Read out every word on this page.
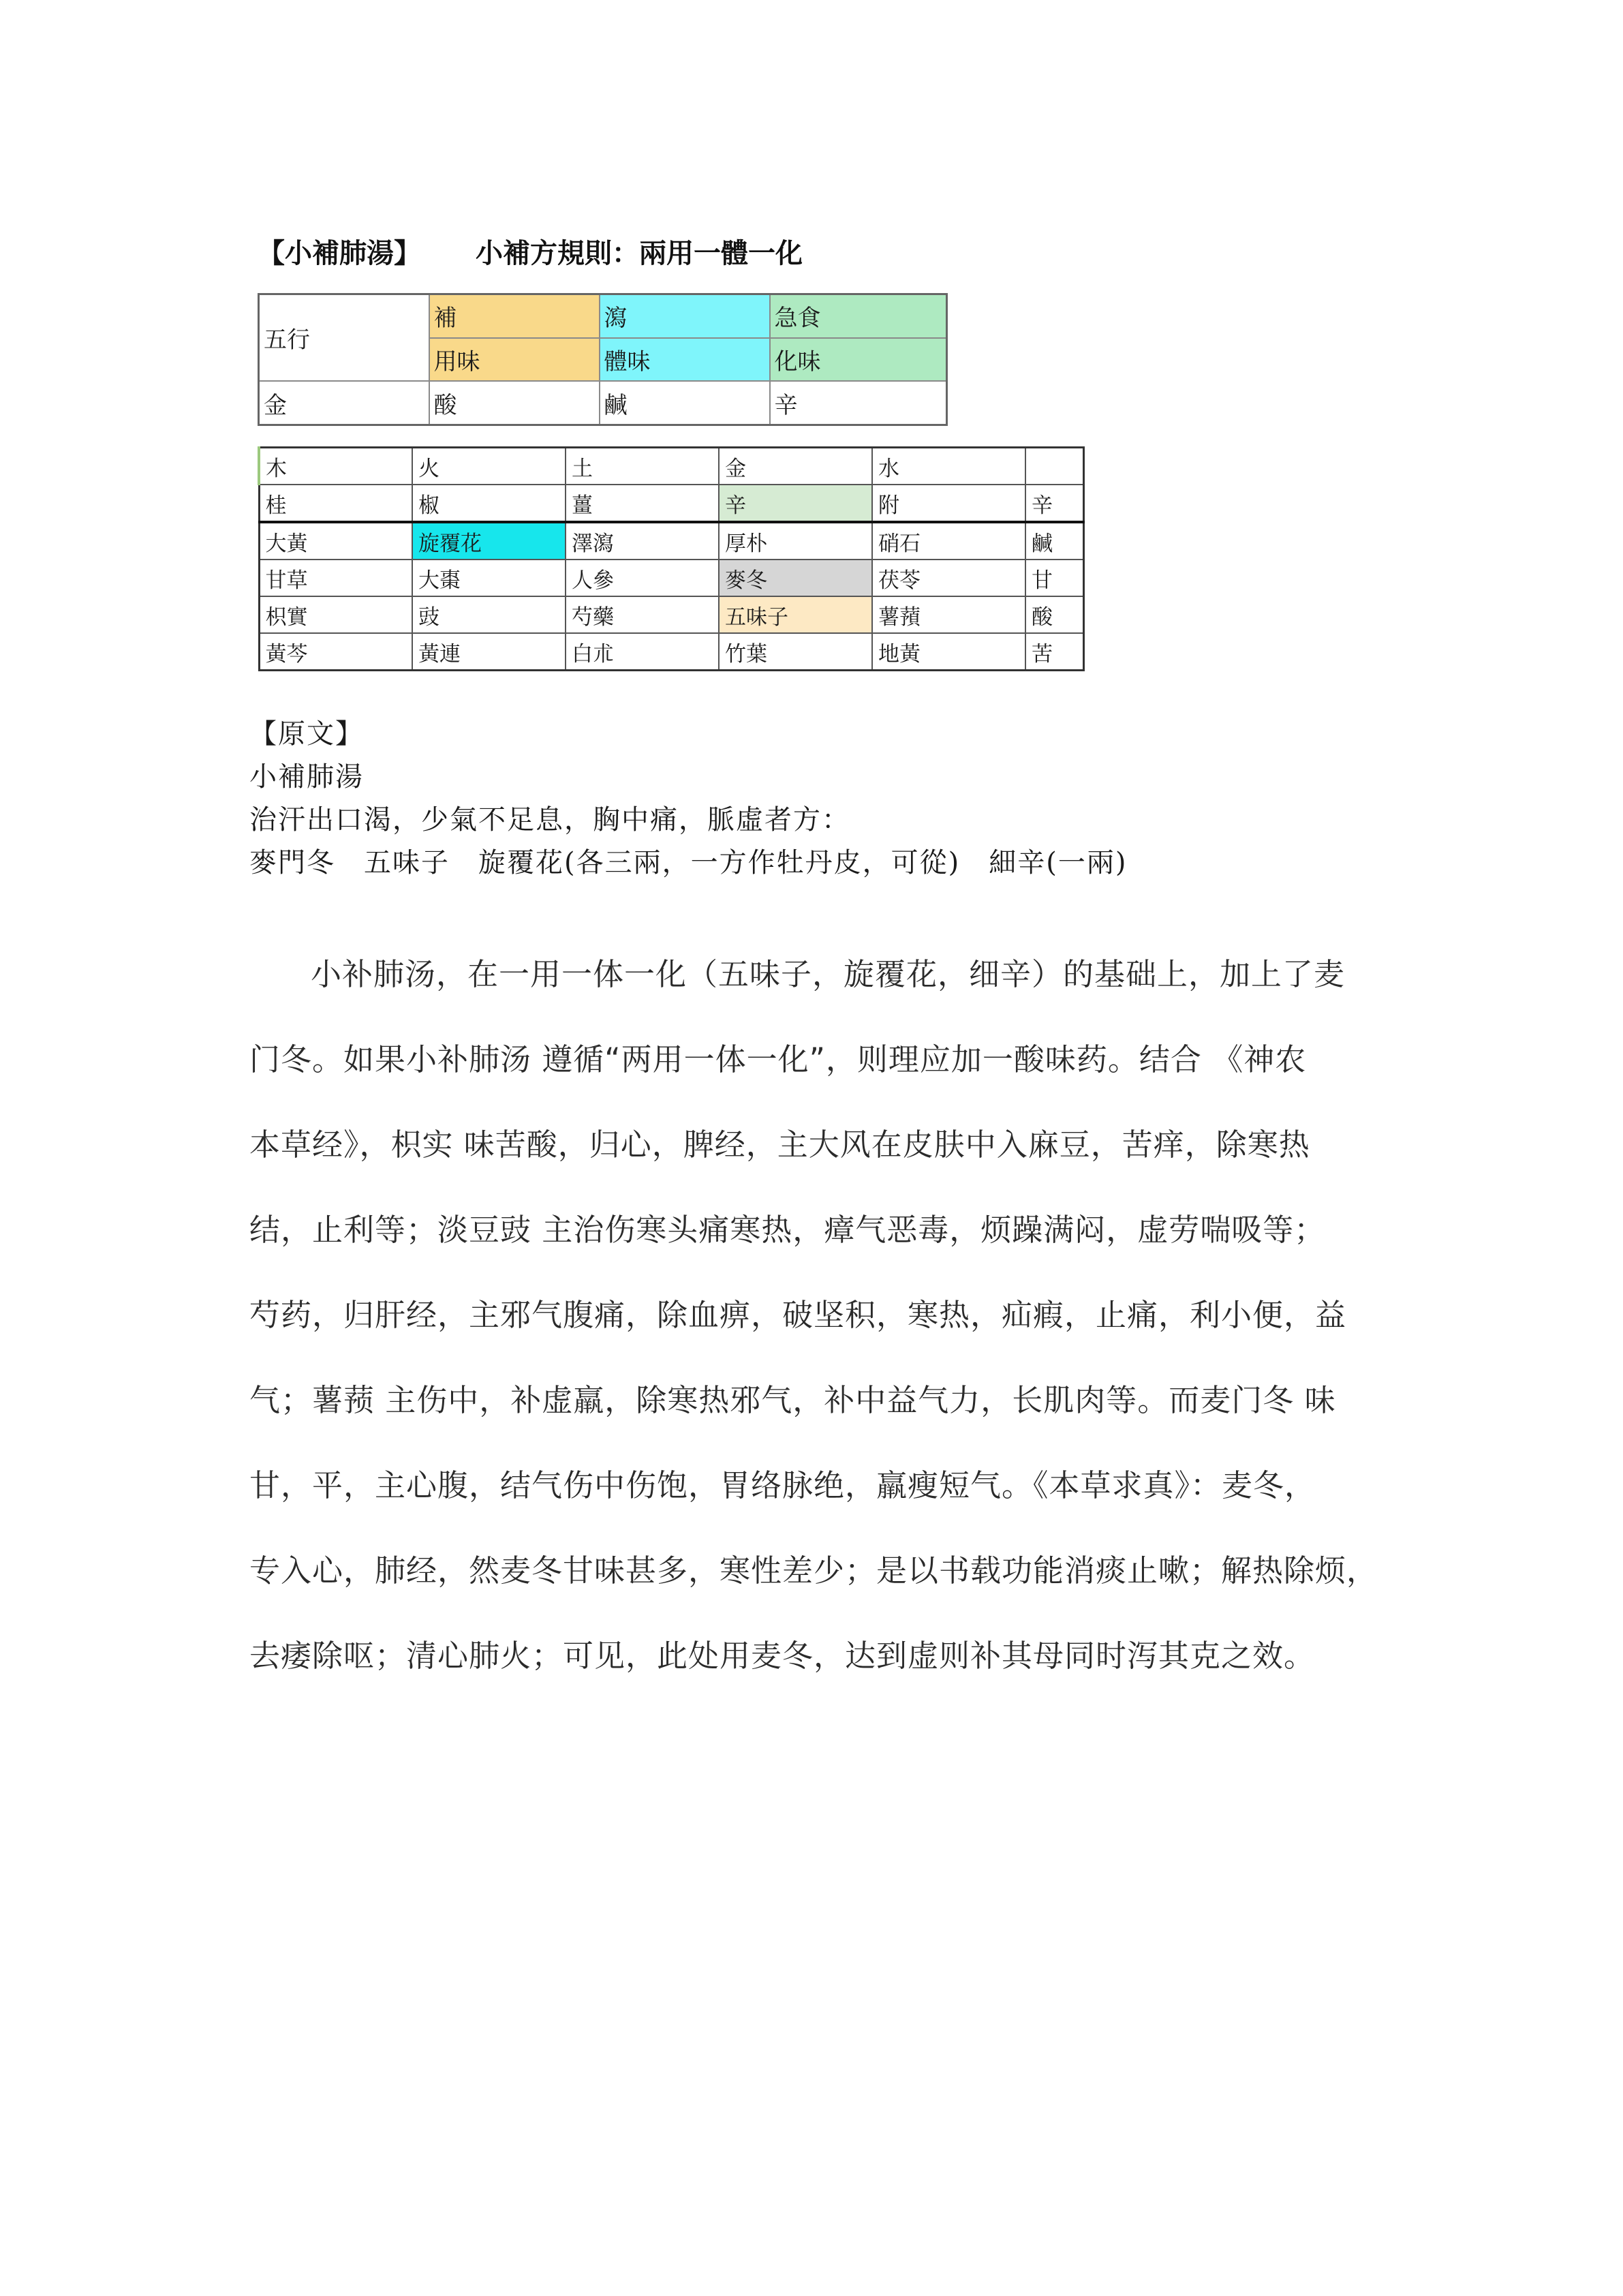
【小補肺湯】 小補方規則：兩用一體一化
五行	補	瀉	急食
	用味	體味	化味
金	酸	鹹	辛
木	火	土	金	水	
桂	椒	薑	辛	附	辛
大黃	旋覆花	澤瀉	厚朴	硝石	鹹
甘草	大棗	人參	麥冬	茯苓	甘
枳實	豉	芍藥	五味子	薯蕷	酸
黃芩	黃連	白朮	竹葉	地黃	苦
【原文】
小補肺湯
治汗出口渴，少氣不足息，胸中痛，脈虛者方：
麥門冬　五味子　旋覆花(各三兩，一方作牡丹皮，可從)　細辛(一兩)
小补肺汤，在一用一体一化（五味子，旋覆花，细辛）的基础上，加上了麦
门冬。如果小补肺汤 遵循“两用一体一化”，则理应加一酸味药。结合 《神农
本草经》，枳实 味苦酸，归心，脾经，主大风在皮肤中入麻豆，苦痒，除寒热
结，止利等；淡豆豉 主治伤寒头痛寒热，瘴气恶毒，烦躁满闷，虚劳喘吸等；
芍药，归肝经，主邪气腹痛，除血痹，破坚积，寒热，疝瘕，止痛，利小便，益
气；薯蓣 主伤中，补虚羸，除寒热邪气，补中益气力，长肌肉等。而麦门冬 味
甘，平，主心腹，结气伤中伤饱，胃络脉绝，羸瘦短气。《本草求真》：麦冬，
专入心，肺经，然麦冬甘味甚多，寒性差少；是以书载功能消痰止嗽；解热除烦，
去痿除呕；清心肺火；可见，此处用麦冬，达到虚则补其母同时泻其克之效。
